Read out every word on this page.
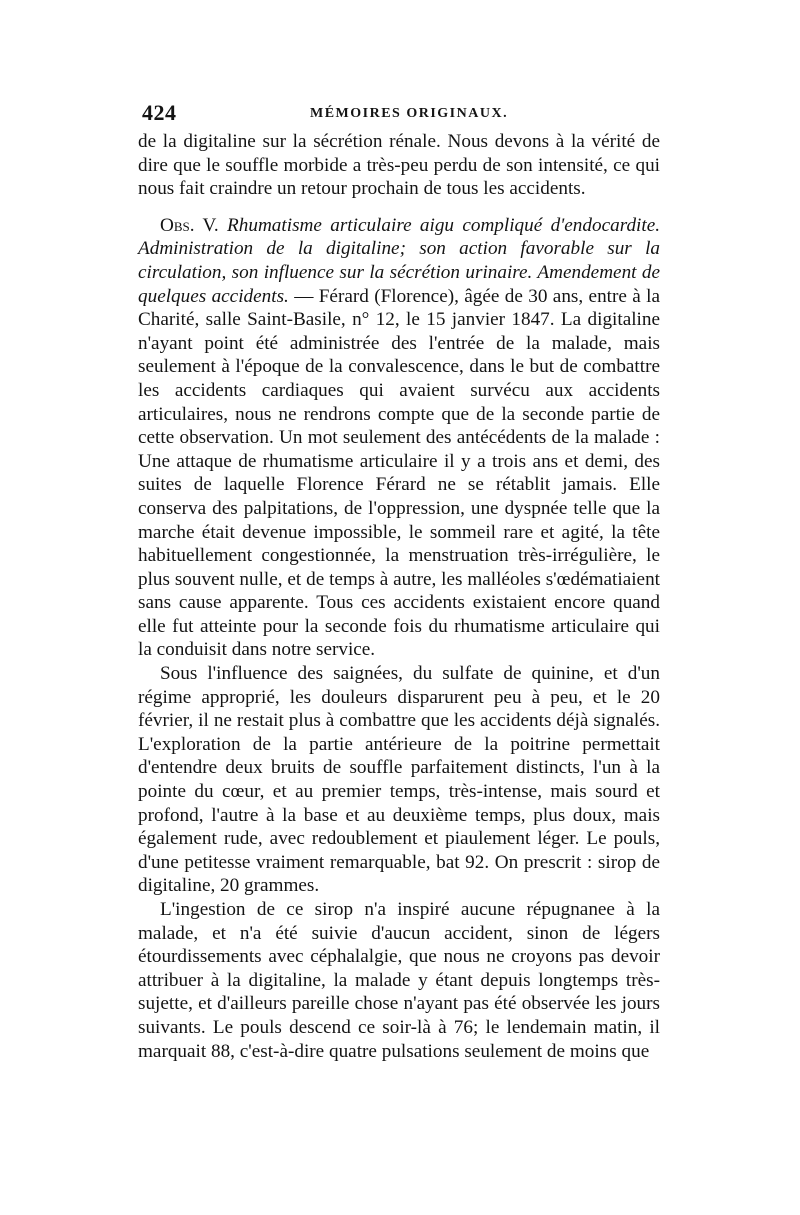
424	MÉMOIRES ORIGINAUX.

de la digitaline sur la sécrétion rénale. Nous devons à la vérité de dire que le souffle morbide a très-peu perdu de son intensité, ce qui nous fait craindre un retour prochain de tous les accidents.

Obs. V. Rhumatisme articulaire aigu compliqué d'endocardite. Administration de la digitaline; son action favorable sur la circulation, son influence sur la sécrétion urinaire. Amendement de quelques accidents. — Férard (Florence), âgée de 30 ans, entre à la Charité, salle Saint-Basile, n° 12, le 15 janvier 1847. La digitaline n'ayant point été administrée des l'entrée de la malade, mais seulement à l'époque de la convalescence, dans le but de combattre les accidents cardiaques qui avaient survécu aux accidents articulaires, nous ne rendrons compte que de la seconde partie de cette observation. Un mot seulement des antécédents de la malade : Une attaque de rhumatisme articulaire il y a trois ans et demi, des suites de laquelle Florence Férard ne se rétablit jamais. Elle conserva des palpitations, de l'oppression, une dyspnée telle que la marche était devenue impossible, le sommeil rare et agité, la tête habituellement congestionnée, la menstruation très-irrégulière, le plus souvent nulle, et de temps à autre, les malléoles s'œdématiaient sans cause apparente. Tous ces accidents existaient encore quand elle fut atteinte pour la seconde fois du rhumatisme articulaire qui la conduisit dans notre service.

Sous l'influence des saignées, du sulfate de quinine, et d'un régime approprié, les douleurs disparurent peu à peu, et le 20 février, il ne restait plus à combattre que les accidents déjà signalés. L'exploration de la partie antérieure de la poitrine permettait d'entendre deux bruits de souffle parfaitement distincts, l'un à la pointe du cœur, et au premier temps, très-intense, mais sourd et profond, l'autre à la base et au deuxième temps, plus doux, mais également rude, avec redoublement et piaulement léger. Le pouls, d'une petitesse vraiment remarquable, bat 92. On prescrit : sirop de digitaline, 20 grammes.

L'ingestion de ce sirop n'a inspiré aucune répugnanee à la malade, et n'a été suivie d'aucun accident, sinon de légers étourdissements avec céphalalgie, que nous ne croyons pas devoir attribuer à la digitaline, la malade y étant depuis longtemps très-sujette, et d'ailleurs pareille chose n'ayant pas été observée les jours suivants. Le pouls descend ce soir-là à 76; le lendemain matin, il marquait 88, c'est-à-dire quatre pulsations seulement de moins que
